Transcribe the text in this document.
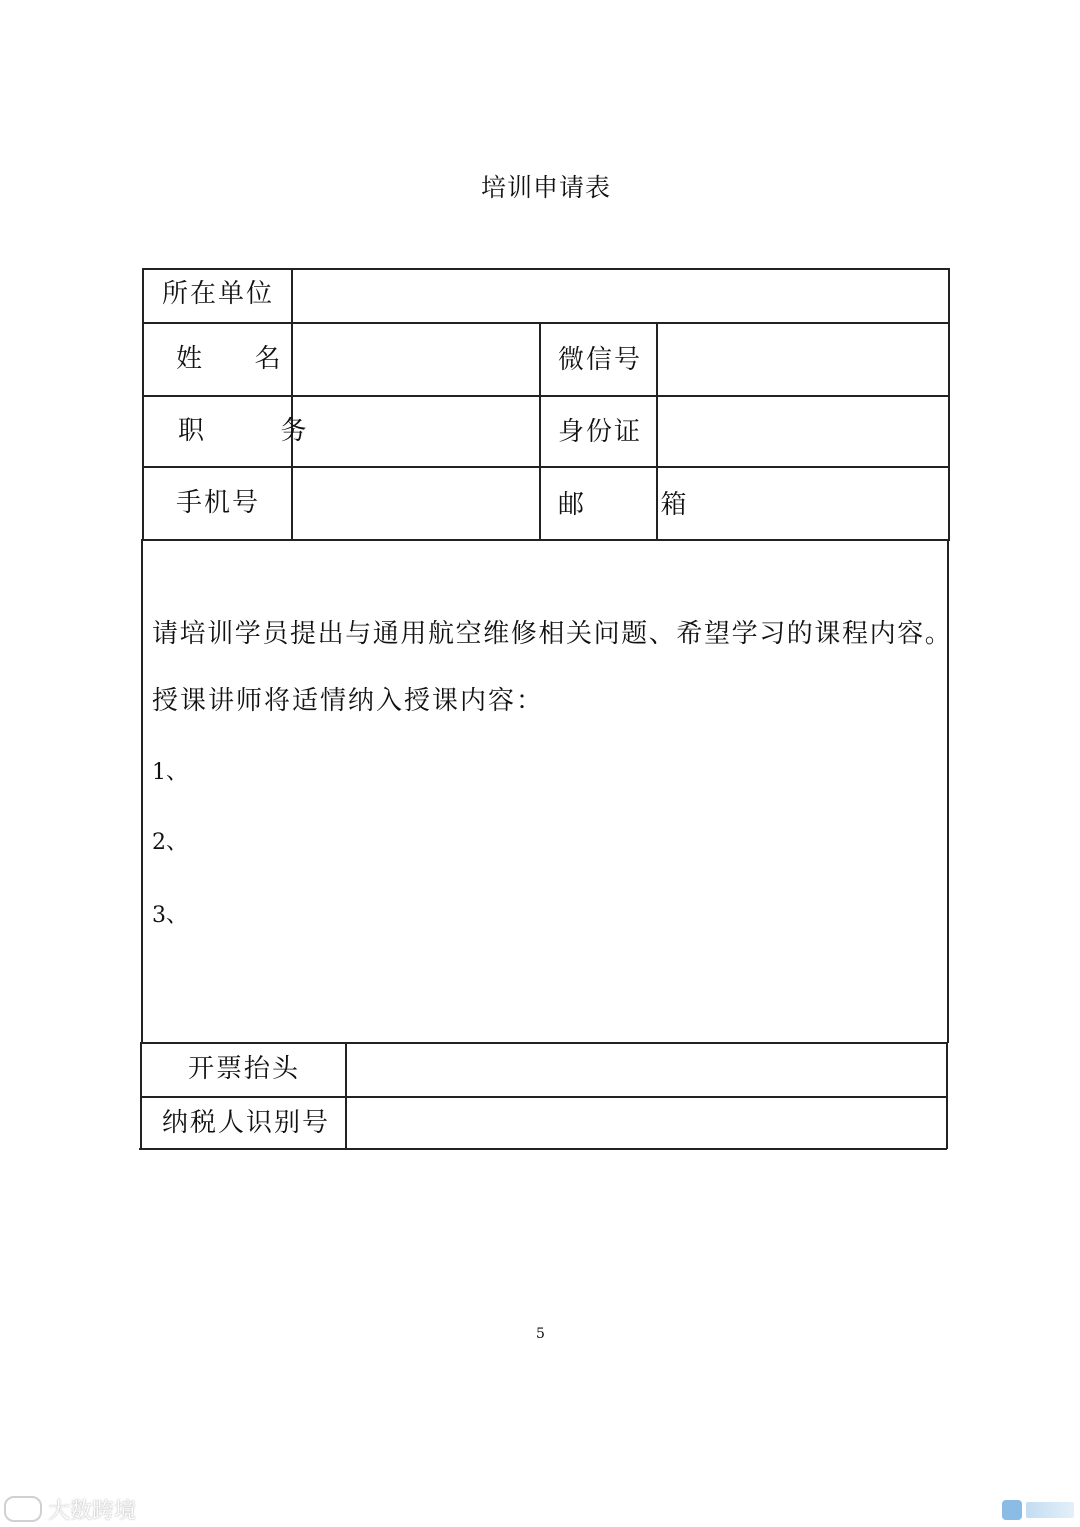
培训申请表
所在单位
姓  名	微信号
职  务	身份证
手机号	邮  箱
请培训学员提出与通用航空维修相关问题、希望学习的课程内容。
授课讲师将适情纳入授课内容：
1、
2、
3、
开票抬头
纳税人识别号
5
大数跨境
